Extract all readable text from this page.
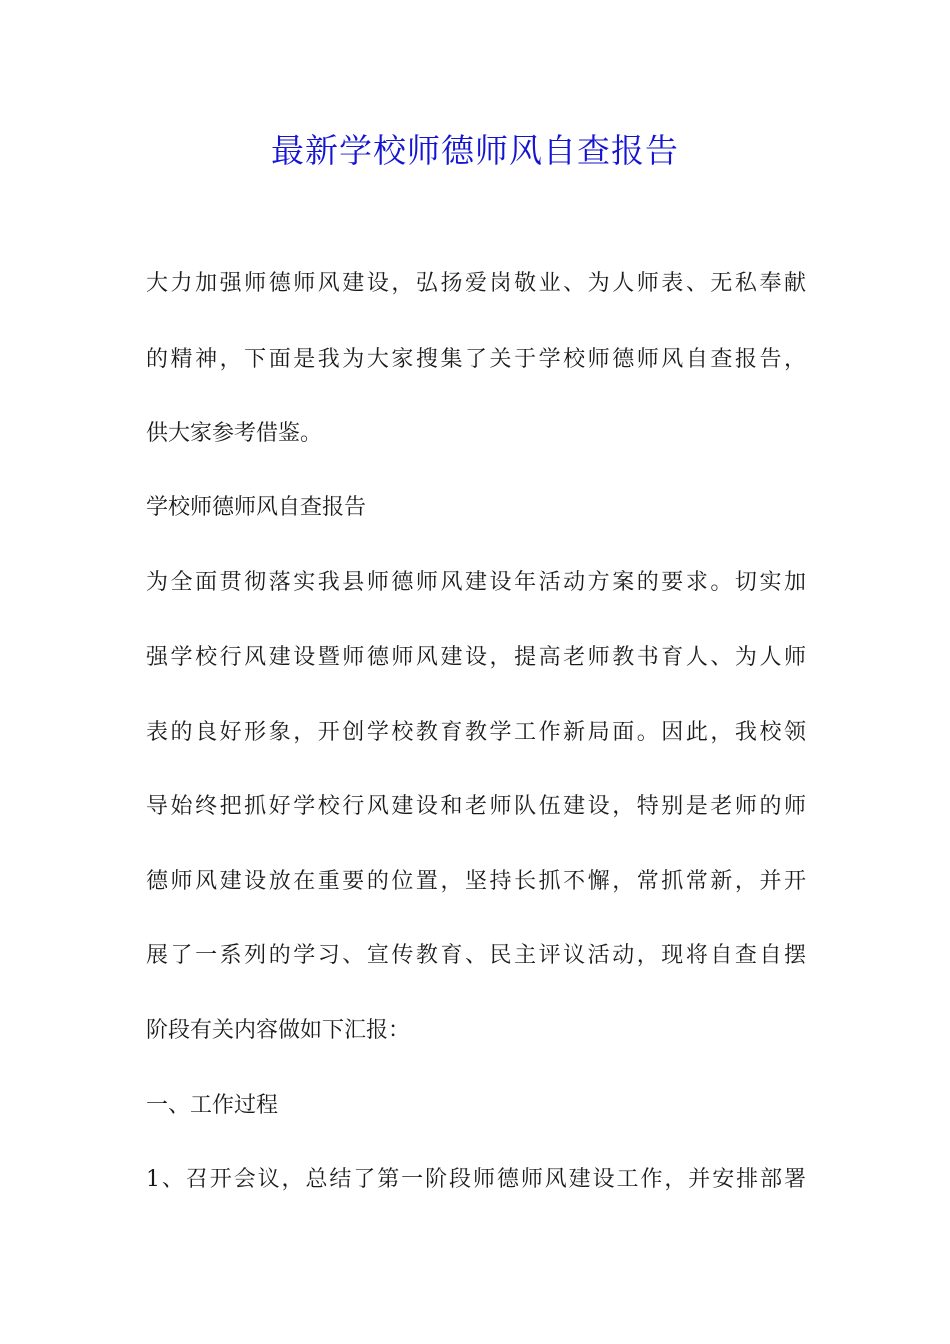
最新学校师德师风自查报告
大力加强师德师风建设，弘扬爱岗敬业、为人师表、无私奉献
的精神，下面是我为大家搜集了关于学校师德师风自查报告，
供大家参考借鉴。
学校师德师风自查报告
为全面贯彻落实我县师德师风建设年活动方案的要求。切实加
强学校行风建设暨师德师风建设，提高老师教书育人、为人师
表的良好形象，开创学校教育教学工作新局面。因此，我校领
导始终把抓好学校行风建设和老师队伍建设，特别是老师的师
德师风建设放在重要的位置，坚持长抓不懈，常抓常新，并开
展了一系列的学习、宣传教育、民主评议活动，现将自查自摆
阶段有关内容做如下汇报：
一、工作过程
1、召开会议，总结了第一阶段师德师风建设工作，并安排部署
